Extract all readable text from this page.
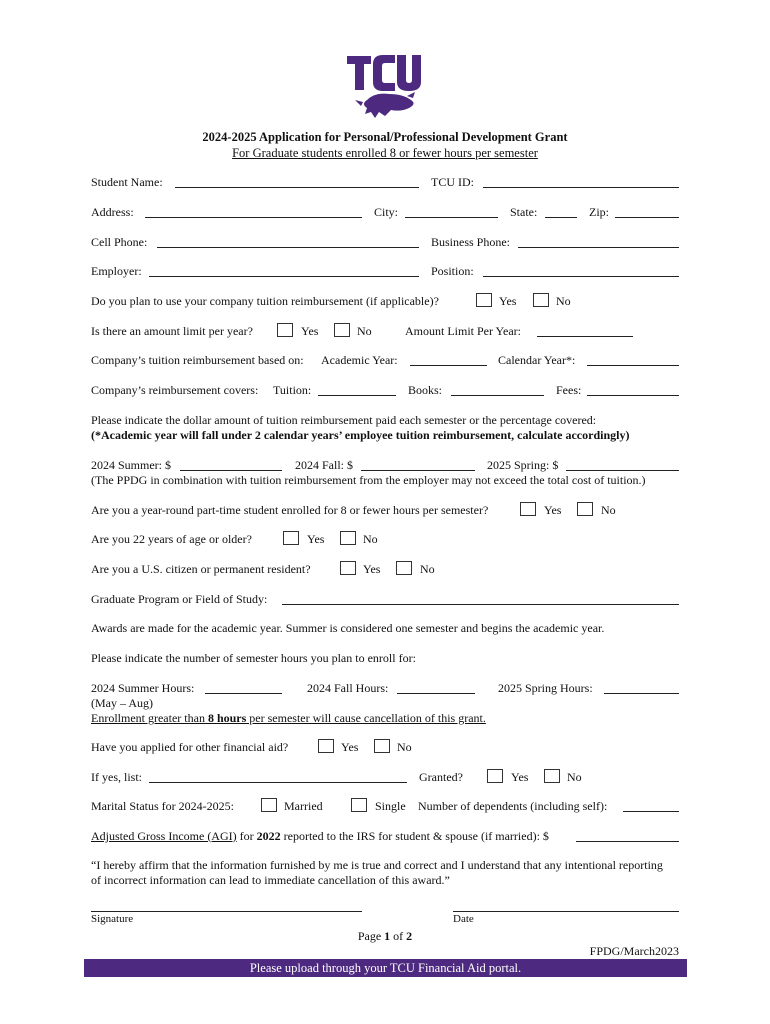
2024-2025 Application for Personal/Professional Development Grant
For Graduate students enrolled 8 or fewer hours per semester
Student Name:	TCU ID:
Address:	City:	State:	Zip:
Cell Phone:	Business Phone:
Employer:	Position:
Do you plan to use your company tuition reimbursement (if applicable)?	Yes	No
Is there an amount limit per year?	Yes	No	Amount Limit Per Year:
Company’s tuition reimbursement based on: Academic Year:	Calendar Year*:
Company’s reimbursement covers: Tuition:	Books:	Fees:
Please indicate the dollar amount of tuition reimbursement paid each semester or the percentage covered:
(*Academic year will fall under 2 calendar years’ employee tuition reimbursement, calculate accordingly)
2024 Summer: $	2024 Fall: $	2025 Spring: $
(The PPDG in combination with tuition reimbursement from the employer may not exceed the total cost of tuition.)
Are you a year-round part-time student enrolled for 8 or fewer hours per semester?	Yes	No
Are you 22 years of age or older?	Yes	No
Are you a U.S. citizen or permanent resident?	Yes	No
Graduate Program or Field of Study:
Awards are made for the academic year. Summer is considered one semester and begins the academic year.
Please indicate the number of semester hours you plan to enroll for:
2024 Summer Hours:	2024 Fall Hours:	2025 Spring Hours:
(May – Aug)
Enrollment greater than 8 hours per semester will cause cancellation of this grant.
Have you applied for other financial aid?	Yes	No
If yes, list:	Granted?	Yes	No
Marital Status for 2024-2025:	Married	Single Number of dependents (including self):
Adjusted Gross Income (AGI) for 2022 reported to the IRS for student & spouse (if married): $
“I hereby affirm that the information furnished by me is true and correct and I understand that any intentional reporting
of incorrect information can lead to immediate cancellation of this award.”
Signature	Date
Page 1 of 2
FPDG/March2023
Please upload through your TCU Financial Aid portal.
